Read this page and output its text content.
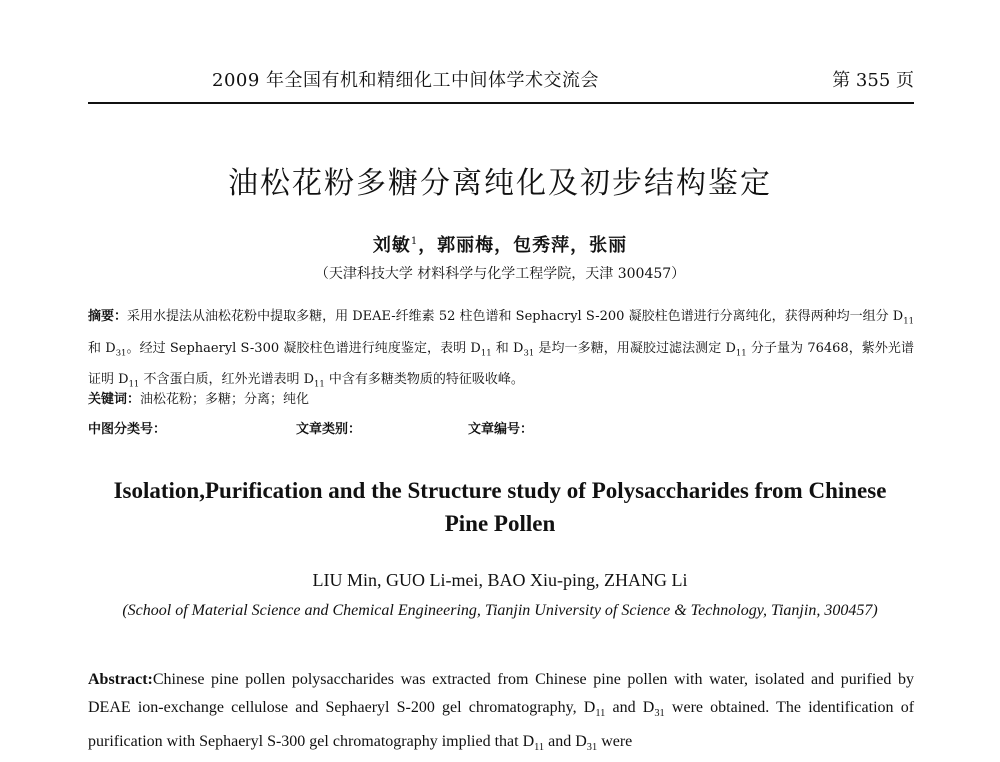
2009 年全国有机和精细化工中间体学术交流会	第 355 页
油松花粉多糖分离纯化及初步结构鉴定
刘敏$^1$，郭丽梅，包秀萍，张丽
（天津科技大学 材料科学与化学工程学院，天津 300457）
摘要：采用水提法从油松花粉中提取多糖，用 DEAE-纤维素 52 柱色谱和 Sephacryl S-200 凝胶柱色谱进行分离纯化，获得两种均一组分 $D_{11}$ 和 $D_{31}$。经过 Sephaeryl S-300 凝胶柱色谱进行纯度鉴定，表明 $D_{11}$ 和 $D_{31}$ 是均一多糖，用凝胶过滤法测定 $D_{11}$ 分子量为 76468，紫外光谱证明 $D_{11}$ 不含蛋白质，红外光谱表明 $D_{11}$ 中含有多糖类物质的特征吸收峰。
关键词：油松花粉；多糖；分离；纯化
中图分类号：	文章类别：	文章编号：
Isolation,Purification and the Structure study of Polysaccharides from Chinese Pine Pollen
LIU Min, GUO Li-mei, BAO Xiu-ping, ZHANG Li
(School of Material Science and Chemical Engineering, Tianjin University of Science & Technology, Tianjin, 300457)
Abstract:Chinese pine pollen polysaccharides was extracted from Chinese pine pollen with water, isolated and purified by DEAE ion-exchange cellulose and Sephaeryl S-200 gel chromatography, $D_{11}$ and $D_{31}$ were obtained. The identification of purification with Sephaeryl S-300 gel chromatography implied that $D_{11}$ and $D_{31}$ were
